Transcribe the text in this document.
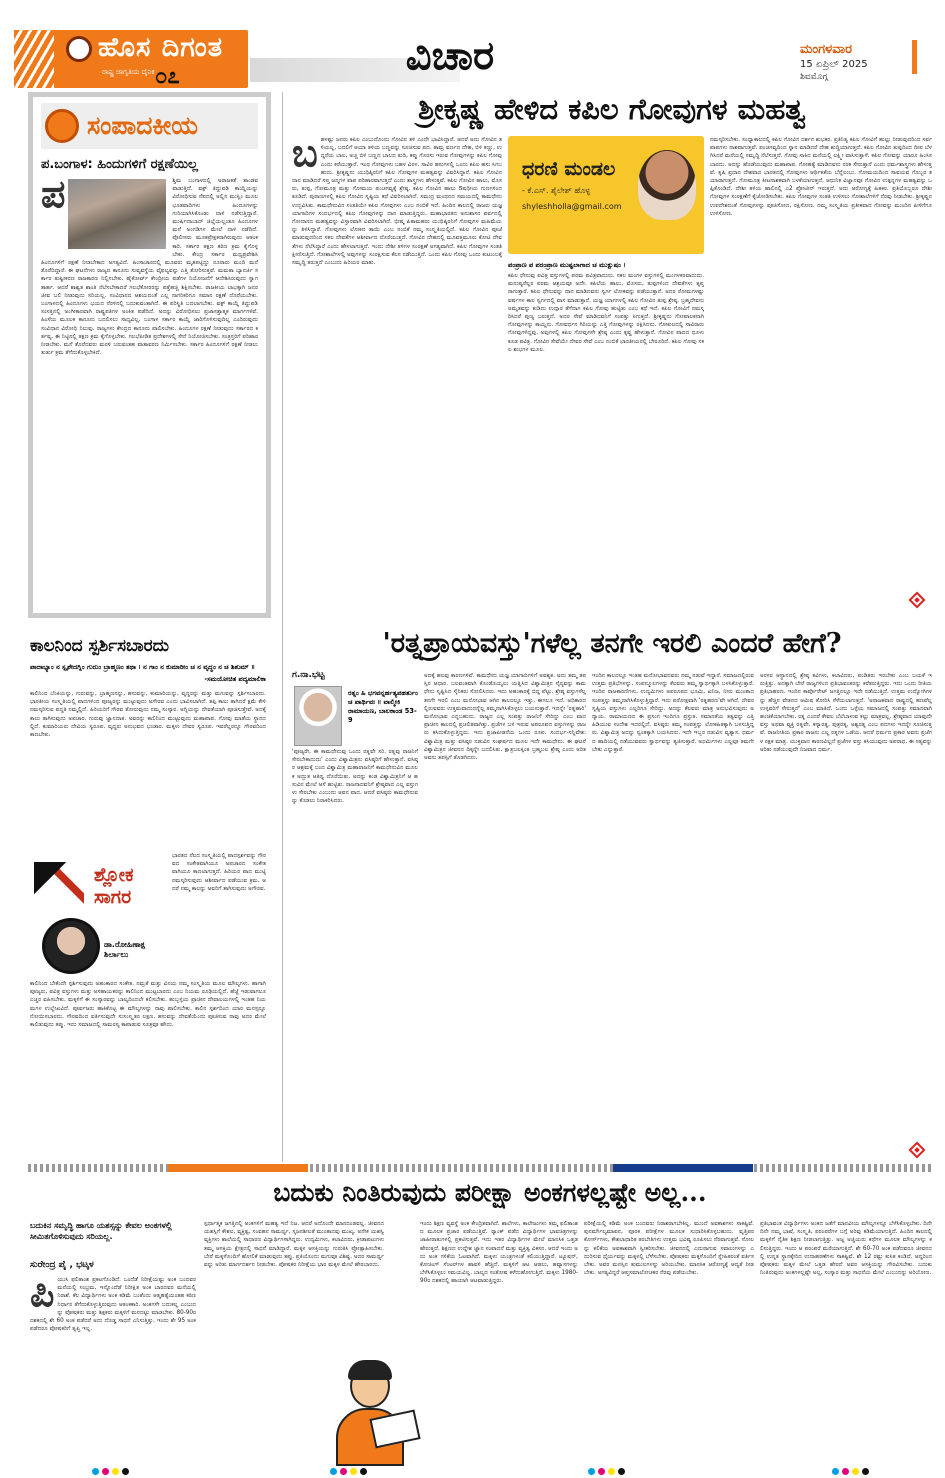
ಹೊಸ ದಿಗಂತ
ರಾಷ್ಟ್ರ ಜಾಗೃತಿಯ ದೈನಿಕ ೦೭	ವಿಚಾರ	ಮಂಗಳವಾರ
15 ಏಪ್ರಿಲ್ 2025
ಶಿವಮೊಗ್ಗ
ಸಂಪಾದಕೀಯ
ಪ.ಬಂಗಾಳ: ಹಿಂದುಗಳಿಗೆ ರಕ್ಷಣೆಯಿಲ್ಲ
ಪ	ಶ್ಚಿಮ ಬಂಗಾಳದಲ್ಲಿ ಅರಾಜಕತೆ ತಾಂಡವವಾಡುತ್ತಿದೆ. ವಕ್ಫ್ ತಿದ್ದುಪಡಿ ಕಾಯ್ದೆಯನ್ನು ವಿರೋಧಿಸುವ ನೆಪದಲ್ಲಿ ಅಲ್ಲಿನ ಮುಸ್ಲಿಂ ಮೂಲಭೂತವಾದಿಗಳು ಹಿಂದೂಗಳನ್ನು ಗುರಿಯಾಗಿಸಿಕೊಂಡು ದಾಳಿ ನಡೆಸುತ್ತಿದ್ದಾರೆ. ಮುರ್ಷಿದಾಬಾದ್ ಜಿಲ್ಲೆಯಲ್ಲಂತೂ ಹಿಂದೂಗಳ ಮನೆ ಅಂಗಡಿಗಳ ಮೇಲೆ ದಾಳಿ ನಡೆದಿದೆ. ಪೊಲೀಸರು ಮೂಕಪ್ರೇಕ್ಷಕರಾಗಿರುವುದು ಆತಂಕಕಾರಿ. ಸರ್ಕಾರ ತಕ್ಷಣ ಕಠಿಣ ಕ್ರಮ ಕೈಗೊಳ್ಳಬೇಕು. ಕೇಂದ್ರ ಸರ್ಕಾರ ಮಧ್ಯಪ್ರವೇಶಿಸಿ ಹಿಂದೂಗಳಿಗೆ ರಕ್ಷಣೆ ನೀಡಬೇಕಾದ ಅಗತ್ಯವಿದೆ. ಹಿಂಸಾಚಾರದಲ್ಲಿ ಮೂವರು ಮೃತಪಟ್ಟಿದ್ದು ನೂರಾರು ಮಂದಿ ಮನೆ ತೊರೆದಿದ್ದಾರೆ. ಈ ಘಟನೆಗಳು ರಾಜ್ಯದ ಕಾನೂನು ಸುವ್ಯವಸ್ಥೆಯ ವೈಫಲ್ಯವನ್ನು ಎತ್ತಿ ತೋರಿಸುತ್ತವೆ. ಮಮತಾ ಬ್ಯಾನರ್ಜಿ ಸರ್ಕಾರ ತುಷ್ಟೀಕರಣ ರಾಜಕಾರಣ ನಿಲ್ಲಿಸಬೇಕು. ಹೈಕೋರ್ಟ್ ಕೇಂದ್ರೀಯ ಪಡೆಗಳ ನಿಯೋಜನೆಗೆ ಆದೇಶಿಸಿರುವುದು ಸ್ವಾಗತಾರ್ಹ. ಆದರೆ ಶಾಶ್ವತ ಶಾಂತಿ ನೆಲೆಸಬೇಕಾದರೆ ಗಲಭೆಕೋರರನ್ನು ಪತ್ತೆಹಚ್ಚಿ ಶಿಕ್ಷಿಸಬೇಕು. ರಾಜಕೀಯ ಲಾಭಕ್ಕಾಗಿ ಜನರ ಜೀವ ಬಲಿ ನೀಡುವುದು ಸರಿಯಲ್ಲ. ಸಂವಿಧಾನದ ಆಶಯದಂತೆ ಎಲ್ಲ ನಾಗರಿಕರಿಗೂ ಸಮಾನ ರಕ್ಷಣೆ ದೊರೆಯಬೇಕು. ಬಂಗಾಳದಲ್ಲಿ ಹಿಂದೂಗಳು ಭಯದ ನೆರಳಿನಲ್ಲಿ ಬದುಕುವಂತಾಗಿದೆ. ಈ ಪರಿಸ್ಥಿತಿ ಬದಲಾಗಬೇಕು. ವಕ್ಫ್ ಕಾಯ್ದೆ ತಿದ್ದುಪಡಿ ಸಂಸತ್ತಿನಲ್ಲಿ ಅಂಗೀಕಾರವಾಗಿ ರಾಷ್ಟ್ರಪತಿಗಳ ಅಂಕಿತ ಪಡೆದಿದೆ. ಅದನ್ನು ವಿರೋಧಿಸಲು ಪ್ರಜಾಸತ್ತಾತ್ಮಕ ಮಾರ್ಗಗಳಿವೆ. ಹಿಂಸೆಯ ಮೂಲಕ ಕಾನೂನು ಬದಲಿಸಲು ಸಾಧ್ಯವಿಲ್ಲ. ಬಂಗಾಳ ಸರ್ಕಾರ ಕಾಯ್ದೆ ಜಾರಿಗೊಳಿಸುವುದಿಲ್ಲ ಎಂದಿರುವುದು ಸಂವಿಧಾನ ವಿರೋಧಿ ನಿಲುವು. ರಾಜ್ಯಗಳು ಕೇಂದ್ರದ ಕಾನೂನು ಪಾಲಿಸಬೇಕು. ಹಿಂದೂಗಳ ರಕ್ಷಣೆ ನೀಡುವುದು ಸರ್ಕಾರದ ಕರ್ತವ್ಯ. ಈ ನಿಟ್ಟಿನಲ್ಲಿ ತಕ್ಷಣ ಕ್ರಮ ಕೈಗೊಳ್ಳಬೇಕು. ಗಲಭೆಪೀಡಿತ ಪ್ರದೇಶಗಳಲ್ಲಿ ಸೇನೆ ನಿಯೋಜಿಸಬೇಕು. ಸಂತ್ರಸ್ತರಿಗೆ ಪರಿಹಾರ ನೀಡಬೇಕು. ಮನೆ ತೊರೆದವರು ಮರಳಿ ಬರುವಂತಹ ವಾತಾವರಣ ನಿರ್ಮಿಸಬೇಕು. ಸರ್ಕಾರ ಹಿಂದೂಗಳಿಗೆ ರಕ್ಷಣೆ ನೀಡಲು ತುರ್ತು ಕ್ರಮ ತೆಗೆದುಕೊಳ್ಳಬೇಕಿದೆ.
ಶ್ರೀಕೃಷ್ಣ ಹೇಳಿದ ಕಪಿಲ ಗೋವುಗಳ ಮಹತ್ವ
ಬ ಹಳಷ್ಟು ಜನರು ಕಪಿಲ ಎಂಬುದೊಂದು ಗೋವಿನ ತಳಿ ಎಂದೇ ಭಾವಿಸಿದ್ದಾರೆ. ಆದರೆ ಅದು ಗೋವಿನ ತಳಿಯಲ್ಲ, ಬದಲಿಗೆ ಆಯಾ ತಳಿಯ ಬಣ್ಣವನ್ನು ಸೂಚಿಸುವ ಪದ. ತಾಮ್ರ ವರ್ಣದ ದೇಹ, ಬಿಳಿ ಕಣ್ಣು, ಉದ್ದನೆಯ ಬಾಲ, ಅಚ್ಚ ಬಿಳಿ ಬಣ್ಣದ ಬಾಲದ ತುದಿ, ಕಪ್ಪು ಗೊರಸು ಇರುವ ಗೋವುಗಳನ್ನು ಕಪಿಲ ಗೋವು ಎಂದು ಕರೆಯುತ್ತಾರೆ. ಇಂಥ ಗೋವುಗಳು ಬಹಳ ವಿರಳ. ಸಾವಿರ ಹಸುಗಳಲ್ಲಿ ಒಂದು ಕಪಿಲ ಹಸು ಸಿಗಬಹುದು. ಶ್ರೀಕೃಷ್ಣನು ಯುಧಿಷ್ಠಿರನಿಗೆ ಕಪಿಲ ಗೋವುಗಳ ಮಹತ್ವವನ್ನು ವಿವರಿಸಿದ್ದಾನೆ. ಕಪಿಲ ಗೋವಿನ ದಾನ ಮಾಡಿದರೆ ಸಪ್ತ ಜನ್ಮಗಳ ಪಾಪ ಪರಿಹಾರವಾಗುತ್ತದೆ ಎಂದು ಶಾಸ್ತ್ರಗಳು ಹೇಳುತ್ತವೆ. ಕಪಿಲ ಗೋವಿನ ಹಾಲು, ಮೊಸರು, ತುಪ್ಪ, ಗೋಮೂತ್ರ ಮತ್ತು ಗೋಮಯ ಪಂಚಗವ್ಯಕ್ಕೆ ಶ್ರೇಷ್ಠ. ಕಪಿಲ ಗೋವಿನ ಹಾಲು ಔಷಧೀಯ ಗುಣಗಳಿಂದ ಕೂಡಿದೆ. ಪುರಾಣಗಳಲ್ಲಿ ಕಪಿಲ ಗೋವಿನ ಸೃಷ್ಟಿಯ ಕಥೆ ವಿವರಿಸಲಾಗಿದೆ. ಸಮುದ್ರ ಮಂಥನದ ಸಮಯದಲ್ಲಿ ಕಾಮಧೇನು ಉದ್ಭವಿಸಿತು. ಕಾಮಧೇನುವಿನ ಸಂತತಿಯೇ ಕಪಿಲ ಗೋವುಗಳು ಎಂಬ ನಂಬಿಕೆ ಇದೆ. ಹಿಂದಿನ ಕಾಲದಲ್ಲಿ ರಾಜರು ಯಜ್ಞ ಯಾಗಾದಿಗಳ ಸಂದರ್ಭದಲ್ಲಿ ಕಪಿಲ ಗೋವುಗಳನ್ನು ದಾನ ಮಾಡುತ್ತಿದ್ದರು. ಮಹಾಭಾರತದ ಅನುಶಾಸನ ಪರ್ವದಲ್ಲಿ ಗೋದಾನದ ಮಹತ್ವವನ್ನು ವಿಸ್ತಾರವಾಗಿ ವಿವರಿಸಲಾಗಿದೆ. ಭೀಷ್ಮ ಪಿತಾಮಹರು ಯುಧಿಷ್ಠಿರನಿಗೆ ಗೋವುಗಳ ಮಹಿಮೆಯನ್ನು ತಿಳಿಸಿದ್ದಾರೆ. ಗೋವುಗಳು ಲೋಕದ ತಾಯಿ ಎಂಬ ನಂಬಿಕೆ ನಮ್ಮ ಸಂಸ್ಕೃತಿಯಲ್ಲಿದೆ. ಕಪಿಲ ಗೋವಿನ ಪೂಜೆ ಮಾಡುವುದರಿಂದ ಸಕಲ ದೇವತೆಗಳ ಆಶೀರ್ವಾದ ದೊರೆಯುತ್ತದೆ. ಗೋವಿನ ದೇಹದಲ್ಲಿ ಮೂವತ್ತಮೂರು ಕೋಟಿ ದೇವತೆಗಳು ನೆಲೆಸಿದ್ದಾರೆ ಎಂದು ಹೇಳಲಾಗುತ್ತದೆ. ಇಂದು ದೇಶೀ ತಳಿಗಳ ಸಂರಕ್ಷಣೆ ಅಗತ್ಯವಾಗಿದೆ. ಕಪಿಲ ಗೋವುಗಳ ಸಂತತಿ ಕ್ಷೀಣಿಸುತ್ತಿದೆ. ಗೋಶಾಲೆಗಳಲ್ಲಿ ಅವುಗಳನ್ನು ಸಂರಕ್ಷಿಸುವ ಕೆಲಸ ನಡೆಯುತ್ತಿದೆ. ಒಂದು ಕಪಿಲ ಗೋವು ಒಂದು ಕುಟುಂಬಕ್ಕೆ ಸಮೃದ್ಧಿ ತರುತ್ತದೆ ಎಂಬುದು ಹಿರಿಯರ ಮಾತು.
ಧರಣಿ ಮಂಡಲ
- ಕೆ.ಎಸ್. ಶೈಲೇಶ್ ಹೊಳ್ಳ
shyleshholla@gmail.com
ಪಂಪ್ರಾಣ ಪ ಪರಂಪ್ರಾಣ ಮುಷ್ಟಲಾಗಾದ ಚ ಮುಕ್ಷುಷಂ ।
ಕಪಿಲ ಧೇನುವು ಪವಿತ್ರ ವಸ್ತುಗಳಲ್ಲಿ ಪರಮ ಪವಿತ್ರವಾದುದು. ಸಕಲ ಮಂಗಳ ವಸ್ತುಗಳಲ್ಲಿ ಮಂಗಳಕರವಾದುದು. ಮನುಷ್ಯರೆಲ್ಲರ ಪರಮ ಆಶ್ರಯವೂ ಅದೇ. ಕಪಿಲೆಯ ಹಾಲು, ಮೊಸರು, ತುಪ್ಪಗಳಿಂದ ದೇವತೆಗಳು ತೃಪ್ತರಾಗುತ್ತಾರೆ. ಕಪಿಲ ಧೇನುವನ್ನು ದಾನ ಮಾಡಿದವನು ಸ್ವರ್ಗ ಲೋಕವನ್ನು ಪಡೆಯುತ್ತಾನೆ. ಅದರ ರೋಮಗಳಷ್ಟು ವರ್ಷಗಳ ಕಾಲ ಸ್ವರ್ಗದಲ್ಲಿ ವಾಸ ಮಾಡುತ್ತಾನೆ. ಯಜ್ಞ ಯಾಗಗಳಲ್ಲಿ ಕಪಿಲ ಗೋವಿನ ತುಪ್ಪ ಶ್ರೇಷ್ಠ. ಬ್ರಹ್ಮದೇವನು ಅಮೃತವನ್ನು ಕುಡಿದು ಉದ್ಗಾರ ತೆಗೆದಾಗ ಕಪಿಲ ಗೋವು ಹುಟ್ಟಿತು ಎಂಬ ಕಥೆ ಇದೆ. ಕಪಿಲ ಗೋವಿಗೆ ನಮಸ್ಕರಿಸಿದರೆ ಪುಣ್ಯ ಬರುತ್ತದೆ. ಅದರ ಸೇವೆ ಮಾಡಿದವನಿಗೆ ಸಂಪತ್ತು ಸಿಗುತ್ತದೆ. ಶ್ರೀಕೃಷ್ಣನು ಗೋಪಾಲಕನಾಗಿ ಗೋವುಗಳನ್ನು ಕಾಯ್ದನು. ಗೋವರ್ಧನ ಗಿರಿಯನ್ನು ಎತ್ತಿ ಗೋವುಗಳನ್ನು ರಕ್ಷಿಸಿದನು. ಗೋಕುಲದಲ್ಲಿ ಸಾವಿರಾರು ಗೋವುಗಳಿದ್ದವು. ಅವುಗಳಲ್ಲಿ ಕಪಿಲ ಗೋವುಗಳೇ ಶ್ರೇಷ್ಠ ಎಂದು ಕೃಷ್ಣ ಹೇಳುತ್ತಾನೆ. ಗೋವಿನ ಪಾದದ ಧೂಳು ಕೂಡ ಪವಿತ್ರ. ಗೋವಿನ ಸೇವೆಯೇ ದೇವರ ಸೇವೆ ಎಂಬ ನಂಬಿಕೆ ಭಾರತೀಯರಲ್ಲಿ ಬೇರೂರಿದೆ. ಕಪಿಲ ಗೋವು ಸಕಲ ಶುಭಗಳ ಮೂಲ.
ನಮಸ್ಕರಿಸಬೇಕು. ಸಂಧ್ಯಾಕಾಲದಲ್ಲಿ ಕಪಿಲ ಗೋವಿನ ದರ್ಶನ ಶುಭಕರ. ಪ್ರತಿನಿತ್ಯ ಕಪಿಲ ಗೋವಿಗೆ ಹುಲ್ಲು ನೀಡುವುದರಿಂದ ಸರ್ವ ಪಾಪಗಳು ನಾಶವಾಗುತ್ತವೆ. ಪಂಚಗವ್ಯದಿಂದ ಸ್ನಾನ ಮಾಡಿದರೆ ದೇಹ ಶುದ್ಧಿಯಾಗುತ್ತದೆ. ಕಪಿಲ ಗೋವಿನ ತುಪ್ಪದಿಂದ ದೀಪ ಬೆಳಗಿಸಿದರೆ ಮನೆಯಲ್ಲಿ ಸಮೃದ್ಧಿ ನೆಲೆಸುತ್ತದೆ. ಗೋವು ಸಾಕಿದ ಮನೆಯಲ್ಲಿ ಲಕ್ಷ್ಮೀ ವಾಸಿಸುತ್ತಾಳೆ. ಕಪಿಲ ಗೋವನ್ನು ಯಾರೂ ಹಿಂಸಿಸಬಾರದು. ಅದನ್ನು ಹೊಡೆಯುವುದು ಮಹಾಪಾಪ. ಗೋಹತ್ಯೆ ಮಾಡಿದವನು ನರಕ ಸೇರುತ್ತಾನೆ ಎಂದು ಧರ್ಮಶಾಸ್ತ್ರಗಳು ಹೇಳುತ್ತವೆ. ಕೃಷಿ ಪ್ರಧಾನ ದೇಶವಾದ ಭಾರತದಲ್ಲಿ ಗೋವುಗಳು ಆರ್ಥಿಕತೆಯ ಬೆನ್ನೆಲುಬು. ಗೋಮಯದಿಂದ ಸಾವಯವ ಗೊಬ್ಬರ ತಯಾರಾಗುತ್ತದೆ. ಗೋಮೂತ್ರ ಕೀಟನಾಶಕವಾಗಿ ಬಳಕೆಯಾಗುತ್ತದೆ. ಆಧುನಿಕ ವಿಜ್ಞಾನವೂ ಗೋವಿನ ಉತ್ಪನ್ನಗಳ ಮಹತ್ವವನ್ನು ಒಪ್ಪಿಕೊಂಡಿದೆ. ದೇಶೀ ತಳಿಯ ಹಾಲಿನಲ್ಲಿ ಎ2 ಪ್ರೋಟೀನ್ ಇರುತ್ತದೆ. ಅದು ಆರೋಗ್ಯಕ್ಕೆ ಹಿತಕರ. ಪ್ರತಿಯೊಬ್ಬರೂ ದೇಶೀ ಗೋವುಗಳ ಸಂರಕ್ಷಣೆಗೆ ಕೈಜೋಡಿಸಬೇಕು. ಕಪಿಲ ಗೋವುಗಳ ಸಂತತಿ ಉಳಿಸಲು ಗೋಶಾಲೆಗಳಿಗೆ ನೆರವು ನೀಡಬೇಕು. ಶ್ರೀಕೃಷ್ಣನ ಉಪದೇಶದಂತೆ ಗೋವುಗಳನ್ನು ಪೂಜಿಸೋಣ, ರಕ್ಷಿಸೋಣ. ನಮ್ಮ ಸಂಸ್ಕೃತಿಯ ಪ್ರತೀಕವಾದ ಗೋವನ್ನು ಮುಂದಿನ ಪೀಳಿಗೆಗೂ ಉಳಿಸೋಣ.
ಕಾಲನಿಂದ ಸ್ಪರ್ಶಿಸಬಾರದು
ಪಾದಾಭ್ಯಾಂ ನ ಸ್ಪೃಶೇದಗ್ನಿಂ ಗುರುಂ ಬ್ರಾಹ್ಮಣಂ ತಥಾ । ನ ಗಾಂ ನ ಕುಮಾರೀಂ ಚ ನ ವೃದ್ಧಂ ನ ಚ ಶಿಶುಮ್ ॥
-ಸಮಯೋಚಿತ ಪದ್ಯಮಾಲಿಕಾ
ಕಾಲಿನಿಂದ ಬೆಂಕಿಯನ್ನು, ಗುರುವನ್ನು, ಬ್ರಾಹ್ಮಣನನ್ನು, ಹಸುವನ್ನು, ಕುಮಾರಿಯನ್ನು, ವೃದ್ಧರನ್ನು ಮತ್ತು ಮಗುವನ್ನು ಸ್ಪರ್ಶಿಸಬಾರದು. ಭಾರತೀಯ ಸಂಸ್ಕೃತಿಯಲ್ಲಿ ಪಾದಗಳಿಂದ ಪೂಜ್ಯರನ್ನು ಮುಟ್ಟುವುದು ಅಗೌರವ ಎಂದು ಭಾವಿಸಲಾಗಿದೆ. ತಪ್ಪಿ ಕಾಲು ತಾಗಿದರೆ ಕ್ಷಮೆ ಕೇಳಿ ನಮಸ್ಕರಿಸುವ ಪದ್ಧತಿ ನಮ್ಮಲ್ಲಿದೆ. ಹಿರಿಯರಿಗೆ ಗೌರವ ತೋರುವುದು ನಮ್ಮ ಸಂಸ್ಕಾರ. ಅಗ್ನಿಯನ್ನು ದೇವತೆಯಾಗಿ ಪೂಜಿಸುತ್ತೇವೆ. ಅದಕ್ಕೆ ಕಾಲು ತಾಗಿಸುವುದು ಅಪಚಾರ. ಗುರುವು ಜ್ಞಾನದಾತ. ಅವರನ್ನು ಕಾಲಿನಿಂದ ಮುಟ್ಟುವುದು ಮಹಾಪಾಪ. ಗೋವು ಮಾತೆಯ ಸ್ಥಾನದಲ್ಲಿದೆ. ಕುಮಾರಿಯರು ದೇವಿಯ ಸ್ವರೂಪ. ವೃದ್ಧರು ಅನುಭವದ ಭಂಡಾರ. ಮಕ್ಕಳು ದೇವರ ಸ್ವರೂಪ. ಇವರೆಲ್ಲರನ್ನೂ ಗೌರವದಿಂದ ಕಾಣಬೇಕು.
ಶ್ಲೋಕ ಸಾಗರ
ಡಾ.ರೋಹಿಣಾಕ್ಷ ಶಿರ್ಲಾಲು
ಭಾರತದ ನೆಲದ ಸಂಸ್ಕೃತಿಯಲ್ಲಿ ಪಾದಸ್ಪರ್ಶವನ್ನು ಗೌರವದ ಸಂಕೇತವಾಗಿಯೂ ಅಪಚಾರದ ಸಂಕೇತವಾಗಿಯೂ ಕಾಣಲಾಗುತ್ತದೆ. ಹಿರಿಯರ ಪಾದ ಮುಟ್ಟಿ ನಮಸ್ಕರಿಸುವುದು ಆಶೀರ್ವಾದ ಪಡೆಯುವ ಕ್ರಮ. ಆದರೆ ನಮ್ಮ ಕಾಲನ್ನು ಅವರಿಗೆ ತಾಗಿಸುವುದು ಅಗೌರವ.
ಕಾಲಿನಿಂದ ಬೇಕೆಂದೇ ಸ್ಪರ್ಶಿಸುವುದು ಅಹಂಕಾರದ ಸಂಕೇತ. ನಮ್ರತೆ ಮತ್ತು ವಿನಯ ನಮ್ಮ ಸಂಸ್ಕೃತಿಯ ಮೂಲ ಮೌಲ್ಯಗಳು. ಹಾಗಾಗಿ ಪೂಜ್ಯರು, ಪವಿತ್ರ ವಸ್ತುಗಳು ಮತ್ತು ಅಸಹಾಯಕರನ್ನು ಕಾಲಿನಿಂದ ಮುಟ್ಟಬಾರದು ಎಂಬ ನಿಯಮ ರೂಢಿಯಲ್ಲಿದೆ. ಹೆಜ್ಜೆ ಇಡುವಾಗಲೂ ಎಚ್ಚರ ವಹಿಸಬೇಕು. ಮಕ್ಕಳಿಗೆ ಈ ಸಂಸ್ಕಾರವನ್ನು ಬಾಲ್ಯದಿಂದಲೇ ಕಲಿಸಬೇಕು. ಹುಬ್ಬಳ್ಳಿಯ ಪ್ರಾಚೀನ ದೇವಾಲಯಗಳಲ್ಲಿ ಇಂತಹ ನಿಯಮಗಳ ಉಲ್ಲೇಖವಿದೆ. ಪೂರ್ವಜರು ಹಾಕಿಕೊಟ್ಟ ಈ ಮೌಲ್ಯಗಳನ್ನು ನಾವು ಪಾಲಿಸಬೇಕು. ಕಾಲಿನ ಸ್ಪರ್ಶದಿಂದ ಯಾರ ಮನಸ್ಸನ್ನೂ ನೋಯಿಸಬಾರದು. ಗೌರವದಿಂದ ವರ್ತಿಸುವುದೇ ಸುಸಂಸ್ಕೃತರ ಲಕ್ಷಣ. ಹಸುವನ್ನು ದೇವತೆಯೆಂದು ಪೂಜಿಸುವ ನಾವು ಅದರ ಮೇಲೆ ಕಾಲಿಡುವುದು ತಪ್ಪು. ಇದು ಸಮಾಜದಲ್ಲಿ ಸಾಮರಸ್ಯ ಕಾಪಾಡುವ ಸೂತ್ರವೂ ಹೌದು.
'ರತ್ನಪ್ರಾಯವಸ್ತು'ಗಳೆಲ್ಲ ತನಗೇ ಇರಲಿ ಎಂದರೆ ಹೇಗೆ?
ಗ.ನಾ.ಭಟ್ಟ
ರತ್ನಂ ಹಿ ಭಗವನ್ನರ್ಹತ್ಯಪಹರ್ತುಂ ಚ ಪಾರ್ಥಿವಃ ॥ ವಾಲ್ಮೀಕಿ ರಾಮಾಯಣ, ಬಾಲಕಾಂಡ 53-9
'ಪೂಜ್ಯರೇ, ಈ ಕಾಮಧೇನುವು ಒಂದು ರತ್ನವೇ ಸರಿ. ರತ್ನವು ರಾಜನಿಗೆ ಸೇರಬೇಕಾದುದು' ಎಂದು ವಿಶ್ವಾಮಿತ್ರನು ವಸಿಷ್ಠರಿಗೆ ಹೇಳುತ್ತಾನೆ. ವಸಿಷ್ಠರ ಆಶ್ರಮಕ್ಕೆ ಬಂದ ವಿಶ್ವಾಮಿತ್ರ ಮಹಾರಾಜನಿಗೆ ಕಾಮಧೇನುವಿನ ಮೂಲಕ ಅದ್ಭುತ ಆತಿಥ್ಯ ದೊರೆಯಿತು. ಅದನ್ನು ಕಂಡ ವಿಶ್ವಾಮಿತ್ರನಿಗೆ ಆ ಹಸುವಿನ ಮೇಲೆ ಆಸೆ ಹುಟ್ಟಿತು. ರಾಜನಾದವನಿಗೆ ಶ್ರೇಷ್ಠವಾದ ಎಲ್ಲ ವಸ್ತುಗಳು ಸೇರಬೇಕು ಎಂಬುದು ಅವನ ವಾದ. ಆದರೆ ವಸಿಷ್ಠರು ಕಾಮಧೇನುವನ್ನು ಕೊಡಲು ನಿರಾಕರಿಸಿದರು.
ಅದಕ್ಕೆ ಹಲವು ಕಾರಣಗಳಿವೆ. ಕಾಮಧೇನು ಯಜ್ಞ ಯಾಗಾದಿಗಳಿಗೆ ಅವಶ್ಯಕ. ಅದು ತಮ್ಮ ತಪಸ್ಸಿನ ಆಧಾರ. ಬಲವಂತವಾಗಿ ಕೊಂಡೊಯ್ಯಲು ಯತ್ನಿಸಿದ ವಿಶ್ವಾಮಿತ್ರನ ಸೈನ್ಯವನ್ನು ಕಾಮಧೇನು ಸೃಷ್ಟಿಸಿದ ಸೈನಿಕರು ಸೋಲಿಸಿದರು. ಇದು ಅಹಂಕಾರಕ್ಕೆ ಬಿದ್ದ ಪೆಟ್ಟು. ಶ್ರೇಷ್ಠ ವಸ್ತುಗಳೆಲ್ಲ ತನಗೇ ಇರಲಿ ಎಂಬ ಮನೋಭಾವ ಆಗಿನ ಕಾಲದಲ್ಲೂ ಇತ್ತು, ಈಗಲೂ ಇದೆ. ಅಧಿಕಾರದಲ್ಲಿರುವವರು ಉತ್ತಮವಾದುದನ್ನೆಲ್ಲ ತಮ್ಮದಾಗಿಸಿಕೊಳ್ಳಲು ಬಯಸುತ್ತಾರೆ. ಇದನ್ನೇ 'ರತ್ನಹಾರಿ' ಮನೋಭಾವ ಎನ್ನಬಹುದು. ರಾಜ್ಯದ ಎಲ್ಲ ಸಂಪತ್ತು ರಾಜನಿಗೆ ಸೇರಿದ್ದು ಎಂಬ ವಾದ ಪ್ರಾಚೀನ ಕಾಲದಲ್ಲಿ ಪ್ರಚಲಿತವಾಗಿತ್ತು. ಪ್ರಜೆಗಳ ಬಳಿ ಇರುವ ಅಪರೂಪದ ವಸ್ತುಗಳನ್ನು ರಾಜರು ಕಸಿದುಕೊಳ್ಳುತ್ತಿದ್ದರು. ಇದು ಪ್ರಜಾಪೀಡನೆಯ ಒಂದು ರೂಪ. ಸಂದರ್ಭ-ಸನ್ನಿವೇಶ: ವಿಶ್ವಾಮಿತ್ರ ಮತ್ತು ವಸಿಷ್ಠರ ನಡುವಿನ ಸಂಘರ್ಷದ ಮೂಲ ಇದೇ ಕಾಮಧೇನು. ಈ ಘಟನೆ ವಿಶ್ವಾಮಿತ್ರನ ಜೀವನದ ದಿಕ್ಕನ್ನೇ ಬದಲಿಸಿತು. ಕ್ಷಾತ್ರಬಲಕ್ಕಿಂತ ಬ್ರಹ್ಮಬಲ ಶ್ರೇಷ್ಠ ಎಂದು ಅರಿತ ಅವನು ತಪಸ್ಸಿಗೆ ತೊಡಗಿದನು.
ಇಂದಿನ ಕಾಲದಲ್ಲೂ ಇಂತಹ ಮನೋಭಾವದವರು ನಮ್ಮ ನಡುವೆ ಇದ್ದಾರೆ. ಸಮಾಜದಲ್ಲಿರುವ ಉತ್ತಮ ಪ್ರತಿಭೆಗಳನ್ನು, ಸಂಪನ್ಮೂಲಗಳನ್ನು ಕೆಲವರು ತಮ್ಮ ಸ್ವಾರ್ಥಕ್ಕಾಗಿ ಬಳಸಿಕೊಳ್ಳುತ್ತಾರೆ. ಇಂದಿನ ರಾಜಕಾರಣಿಗಳು, ಉದ್ಯಮಿಗಳು ಅಪರೂಪದ ಭೂಮಿ, ಖನಿಜ, ನೀರು ಮುಂತಾದ ಸಂಪತ್ತನ್ನು ತಮ್ಮದಾಗಿಸಿಕೊಳ್ಳುತ್ತಿದ್ದಾರೆ. ಇದು ಪರೋಕ್ಷವಾಗಿ 'ರತ್ನಹರಣ'ವೇ ಆಗಿದೆ. ದೇವರ ಸೃಷ್ಟಿಯ ವಸ್ತುಗಳು ಎಲ್ಲರಿಗೂ ಸೇರಿದ್ದು. ಅದನ್ನು ಕೆಲವರು ಮಾತ್ರ ಅನುಭವಿಸುವುದು ಅನ್ಯಾಯ. ರಾಮಾಯಣದ ಈ ಪ್ರಸಂಗ ಇಂದಿಗೂ ಪ್ರಸ್ತುತ. ಸಮಾನತೆಯ ತತ್ವವನ್ನು ಎತ್ತಿ ಹಿಡಿಯುವ ಸಂದೇಶ ಇದರಲ್ಲಿದೆ. ವಸಿಷ್ಠರು ತಮ್ಮ ಸಂಪತ್ತನ್ನು ಲೋಕಹಿತಕ್ಕಾಗಿ ಬಳಸುತ್ತಿದ್ದರು. ವಿಶ್ವಾಮಿತ್ರ ಅದನ್ನು ಸ್ವಂತಕ್ಕಾಗಿ ಬಯಸಿದನು. ಇದೇ ಇಬ್ಬರ ನಡುವಿನ ವ್ಯತ್ಯಾಸ. ಧರ್ಮದ ಹಾದಿಯಲ್ಲಿ ನಡೆಯುವವರು ಸ್ವಾರ್ಥವನ್ನು ತ್ಯಜಿಸುತ್ತಾರೆ. ಅಧರ್ಮಿಗಳು ಎಲ್ಲವೂ ತಮಗೇ ಬೇಕು ಎನ್ನುತ್ತಾರೆ.
ಅರಸರ ಆಸ್ಥಾನದಲ್ಲಿ ಶ್ರೇಷ್ಠ ಕವಿಗಳು, ಕಲಾವಿದರು, ಪಂಡಿತರು ಇರಬೇಕು ಎಂಬ ಬಯಕೆ ಇರುತ್ತಿತ್ತು. ಅದಕ್ಕಾಗಿ ಬೇರೆ ರಾಜ್ಯಗಳಿಂದ ಪ್ರತಿಭಾವಂತರನ್ನು ಕರೆತರುತ್ತಿದ್ದರು. ಇದು ಒಂದು ರೀತಿಯ ಪ್ರತಿಭಾಹರಣ. ಇಂದಿನ ಕಾರ್ಪೊರೇಟ್ ಜಗತ್ತಿನಲ್ಲೂ ಇದೇ ನಡೆಯುತ್ತಿದೆ. ಉತ್ತಮ ಉದ್ಯೋಗಿಗಳನ್ನು ಹೆಚ್ಚಿನ ವೇತನದ ಆಮಿಷ ತೋರಿಸಿ ಸೆಳೆಯಲಾಗುತ್ತದೆ. 'ಅರಾಜಕವಾದ ರಾಷ್ಟ್ರದಲ್ಲಿ ಹಣವೆಲ್ಲ ಉಳ್ಳವರಿಗೆ ಸೇರುತ್ತದೆ' ಎಂಬ ಮಾತಿದೆ. ಒಂದು ಒಳ್ಳೆಯ ಸಮಾಜದಲ್ಲಿ ಸಂಪತ್ತು ಸಮಾನವಾಗಿ ಹಂಚಿಕೆಯಾಗಬೇಕು. ರತ್ನ ಎಂದರೆ ಕೇವಲ ಬೆಲೆಬಾಳುವ ಕಲ್ಲು ಮಾತ್ರವಲ್ಲ. ಶ್ರೇಷ್ಠವಾದ ಯಾವುದೇ ವಸ್ತು ಅಥವಾ ವ್ಯಕ್ತಿ ರತ್ನವೇ. ಕನ್ಯಾರತ್ನ, ಪುತ್ರರತ್ನ, ಅಶ್ವರತ್ನ ಎಂಬ ಪದಗಳು ಇದನ್ನೇ ಸೂಚಿಸುತ್ತವೆ. ರಾಜನೀತಿಯ ಪ್ರಕಾರ ರಾಜನು ಎಲ್ಲ ರತ್ನಗಳ ಒಡೆಯ. ಆದರೆ ಧರ್ಮದ ಪ್ರಕಾರ ಅವನು ಪ್ರಜೆಗಳ ರಕ್ಷಕ ಮಾತ್ರ. ಯುಕ್ತವಾದ ಕಾರಣವಿಲ್ಲದೆ ಪ್ರಜೆಗಳ ವಸ್ತು ಕಸಿಯುವುದು ಅಪರಾಧ. ಈ ಸತ್ಯವನ್ನು ಅರಿತು ನಡೆಯುವುದೇ ನಿಜವಾದ ಧರ್ಮ.
ಬದುಕು ನಿಂತಿರುವುದು ಪರೀಕ್ಷಾ ಅಂಕಗಳಲ್ಲಷ್ಟೇ ಅಲ್ಲ...
ಬದುಕಿನ ಸಮೃದ್ಧಿ ಹಾಗೂ ಯಶಸ್ಸನ್ನು ಕೇವಲ ಅಂಕಗಳಲ್ಲಿ ಸೀಮಿತಗೊಳಿಸುವುದು ಸರಿಯಲ್ಲ.
ಸುರೇಂದ್ರ ಪೈ , ಭಟ್ಕಳ
ಪಿ ಯುಸಿ ಫಲಿತಾಂಶ ಪ್ರಕಟಗೊಂಡಿದೆ. ಒಂದೆಡೆ ನಿರೀಕ್ಷೆಯಷ್ಟು ಅಂಕ ಬಂದವರ ಮನೆಯಲ್ಲಿ ಸಂಭ್ರಮ, ಇನ್ನೊಂದೆಡೆ ನಿರೀಕ್ಷಿತ ಅಂಕ ಬಾರದವರ ಮನೆಯಲ್ಲಿ ನಿರಾಶೆ. ಕೆಲ ವಿದ್ಯಾರ್ಥಿಗಳು ಅಂಕ ಕಡಿಮೆ ಬಂತೆಂದು ಆತ್ಮಹತ್ಯೆಯಂತಹ ಕಠಿಣ ನಿರ್ಧಾರ ತೆಗೆದುಕೊಳ್ಳುತ್ತಿರುವುದು ಆತಂಕಕಾರಿ. ಅಂಕಗಳೇ ಬದುಕಲ್ಲ ಎಂಬುದನ್ನು ಪೋಷಕರು ಮತ್ತು ಶಿಕ್ಷಕರು ಮಕ್ಕಳಿಗೆ ಮನದಟ್ಟು ಮಾಡಬೇಕು. 80-90ರ ದಶಕದಲ್ಲಿ ಶೇ 60 ಅಂಕ ಪಡೆದರೆ ಅದು ದೊಡ್ಡ ಸಾಧನೆ ಎನಿಸುತ್ತಿತ್ತು. ಇಂದು ಶೇ 95 ಅಂಕ ಪಡೆದರೂ ಪೋಷಕರಿಗೆ ತೃಪ್ತಿ ಇಲ್ಲ.
ಸ್ಪರ್ಧಾತ್ಮಕ ಜಗತ್ತಿನಲ್ಲಿ ಅಂಕಗಳಿಗೆ ಮಹತ್ವ ಇದೆ ನಿಜ. ಆದರೆ ಅದೊಂದೇ ಮಾನದಂಡವಲ್ಲ. ಜೀವನದ ಯಶಸ್ಸಿಗೆ ಕೌಶಲ, ವ್ಯಕ್ತಿತ್ವ, ಸಂವಹನ ಸಾಮರ್ಥ್ಯ, ಸೃಜನಶೀಲತೆ ಮುಂತಾದವು ಮುಖ್ಯ. ಅನೇಕ ಯಶಸ್ವಿ ವ್ಯಕ್ತಿಗಳು ಶಾಲೆಯಲ್ಲಿ ಸಾಧಾರಣ ವಿದ್ಯಾರ್ಥಿಗಳಾಗಿದ್ದರು. ಉದ್ಯಮಿಗಳು, ಕಲಾವಿದರು, ಕ್ರೀಡಾಪಟುಗಳು ತಮ್ಮ ಆಸಕ್ತಿಯ ಕ್ಷೇತ್ರದಲ್ಲಿ ಸಾಧನೆ ಮಾಡಿದ್ದಾರೆ. ಮಕ್ಕಳ ಆಸಕ್ತಿಯನ್ನು ಗುರುತಿಸಿ ಪ್ರೋತ್ಸಾಹಿಸಬೇಕು. ಬೇರೆ ಮಕ್ಕಳೊಂದಿಗೆ ಹೋಲಿಕೆ ಮಾಡುವುದು ತಪ್ಪು. ಪ್ರತಿಯೊಂದು ಮಗುವೂ ವಿಶಿಷ್ಟ. ಅದರ ಸಾಮರ್ಥ್ಯವನ್ನು ಅರಿತು ಮಾರ್ಗದರ್ಶನ ನೀಡಬೇಕು. ಪೋಷಕರ ನಿರೀಕ್ಷೆಯ ಭಾರ ಮಕ್ಕಳ ಮೇಲೆ ಹೇರಬಾರದು.
ಇಂದು ಶಿಕ್ಷಣ ವ್ಯವಸ್ಥೆ ಅಂಕ ಕೇಂದ್ರಿತವಾಗಿದೆ. ಶಾಲೆಗಳು, ಕಾಲೇಜುಗಳು ತಮ್ಮ ಫಲಿತಾಂಶದ ಮೂಲಕ ಪ್ರಚಾರ ಪಡೆಯುತ್ತಿವೆ. ರ‍್ಯಾಂಕ್ ಪಡೆದ ವಿದ್ಯಾರ್ಥಿಗಳ ಭಾವಚಿತ್ರಗಳನ್ನು ಜಾಹೀರಾತುಗಳಲ್ಲಿ ಪ್ರಕಟಿಸುತ್ತವೆ. ಇದು ಇತರ ವಿದ್ಯಾರ್ಥಿಗಳ ಮೇಲೆ ಮಾನಸಿಕ ಒತ್ತಡ ಹೇರುತ್ತದೆ. ಶಿಕ್ಷಣದ ಉದ್ದೇಶ ಜ್ಞಾನ ಸಂಪಾದನೆ ಮತ್ತು ವ್ಯಕ್ತಿತ್ವ ವಿಕಸನ. ಆದರೆ ಇಂದು ಅದು ಅಂಕ ಗಳಿಕೆಯ ಓಟವಾಗಿದೆ. ಮಕ್ಕಳು ಯಂತ್ರಗಳಂತೆ ಕಲಿಯುತ್ತಿದ್ದಾರೆ. ಟ್ಯೂಷನ್, ಕೋಚಿಂಗ್ ಸೆಂಟರ್‌ಗಳ ಹಾವಳಿ ಹೆಚ್ಚಿದೆ. ಮಕ್ಕಳಿಗೆ ಆಟ ಆಡಲು, ಹವ್ಯಾಸಗಳನ್ನು ಬೆಳೆಸಿಕೊಳ್ಳಲು ಸಮಯವಿಲ್ಲ. ಬಾಲ್ಯದ ಸಂತೋಷ ಕಳೆದುಹೋಗುತ್ತಿದೆ. ಮಕ್ಕಳು 1980-90ರ ದಶಕದಲ್ಲಿ ಹಾಯಾಗಿ ಆಟವಾಡುತ್ತಿದ್ದರು.
ಪರೀಕ್ಷೆಯಲ್ಲಿ ಕಡಿಮೆ ಅಂಕ ಬಂದವರು ನಿರಾಶರಾಗಬೇಕಿಲ್ಲ. ಮುಂದೆ ಅವಕಾಶಗಳು ಸಾಕಷ್ಟಿವೆ. ಪುನರ್ಮೌಲ್ಯಮಾಪನ, ಪೂರಕ ಪರೀಕ್ಷೆಗಳ ಮೂಲಕ ಸುಧಾರಿಸಿಕೊಳ್ಳಬಹುದು. ವೃತ್ತಿಪರ ಕೋರ್ಸ್‌ಗಳು, ಕೌಶಲಾಧಾರಿತ ತರಬೇತಿಗಳು ಉತ್ತಮ ಭವಿಷ್ಯ ರೂಪಿಸಲು ನೆರವಾಗುತ್ತವೆ. ಸೋಲನ್ನು ಕಲಿಕೆಯ ಅವಕಾಶವಾಗಿ ಸ್ವೀಕರಿಸಬೇಕು. ಜೀವನದಲ್ಲಿ ಎದುರಾಗುವ ಸವಾಲುಗಳನ್ನು ಎದುರಿಸುವ ಧೈರ್ಯವನ್ನು ಮಕ್ಕಳಲ್ಲಿ ಬೆಳೆಸಬೇಕು. ಪೋಷಕರು ಮಕ್ಕಳೊಂದಿಗೆ ಸ್ನೇಹಿತರಂತೆ ವರ್ತಿಸಬೇಕು. ಅವರ ಮನಸ್ಸಿನ ತುಮುಲಗಳನ್ನು ಅರಿಯಬೇಕು. ಮಾನಸಿಕ ಆರೋಗ್ಯಕ್ಕೆ ಆದ್ಯತೆ ನೀಡಬೇಕು. ಅಗತ್ಯವಿದ್ದರೆ ಆಪ್ತಸಮಾಲೋಚಕರ ನೆರವು ಪಡೆಯಬೇಕು.
ಪ್ರತಿಭಾವಂತ ವಿದ್ಯಾರ್ಥಿಗಳು ಅಂಕದ ಜತೆಗೆ ಮಾನವೀಯ ಮೌಲ್ಯಗಳನ್ನೂ ಬೆಳೆಸಿಕೊಳ್ಳಬೇಕು. ದಿನೇ ದಿನೇ ನಮ್ಮ ಭಾಷೆ, ಸಂಸ್ಕೃತಿ, ಪರಂಪರೆಗಳ ಬಗ್ಗೆ ಅರಿವು ಕಡಿಮೆಯಾಗುತ್ತಿದೆ. ಹಿಂದಿನ ಕಾಲದಲ್ಲಿ ಮಕ್ಕಳಿಗೆ ನೈತಿಕ ಶಿಕ್ಷಣ ನೀಡಲಾಗುತ್ತಿತ್ತು. ಅಜ್ಜ ಅಜ್ಜಿಯರು ಕಥೆಗಳ ಮೂಲಕ ಮೌಲ್ಯಗಳನ್ನು ಕಲಿಸುತ್ತಿದ್ದರು. ಇಂದು ಆ ಪರಂಪರೆ ಮರೆಯಾಗುತ್ತಿದೆ. ಶೇ 60-70 ಅಂಕ ಪಡೆದವರೂ ಜೀವನದಲ್ಲಿ ಉನ್ನತ ಸ್ಥಾನಕ್ಕೇರಿದ ಉದಾಹರಣೆಗಳು ಸಾಕಷ್ಟಿವೆ. ಶೇ 12 ರಷ್ಟು ಕುಸಿತ ಕಂಡಿದೆ. ಆದ್ದರಿಂದ ಪೋಷಕರು ಮಕ್ಕಳ ಮೇಲೆ ಒತ್ತಡ ಹೇರದೆ ಅವರ ಆಸಕ್ತಿಯನ್ನು ಗೌರವಿಸಬೇಕು. ಬದುಕು ನಿಂತಿರುವುದು ಅಂಕಗಳಲ್ಲಷ್ಟೇ ಅಲ್ಲ, ಸಂಸ್ಕಾರ ಮತ್ತು ಸಾಧನೆಯ ಮೇಲೆ ಎಂಬುದನ್ನು ಅರಿಯೋಣ.
